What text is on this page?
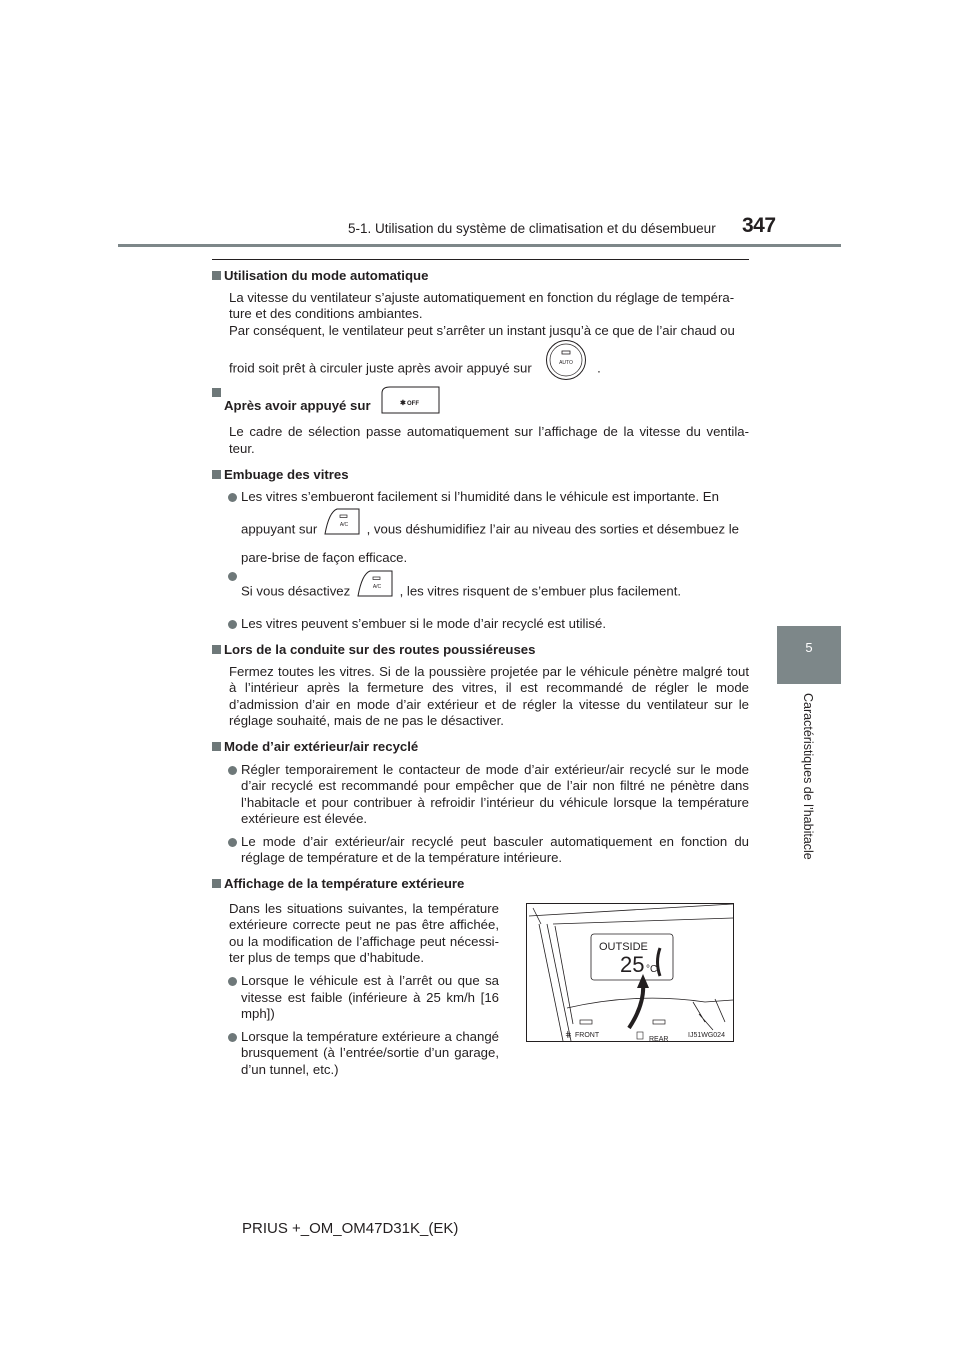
5-1. Utilisation du système de climatisation et du désembueur 347
5
Caractéristiques de l’habitacle
Utilisation du mode automatique
La vitesse du ventilateur s’ajuste automatiquement en fonction du réglage de tempéra-
ture et des conditions ambiantes.
Par conséquent, le ventilateur peut s’arrêter un instant jusqu’à ce que de l’air chaud ou
froid soit prêt à circuler juste après avoir appuyé sur	AUTO .
Après avoir appuyé sur	✱ OFF
Le cadre de sélection passe automatiquement sur l’affichage de la vitesse du ventila-teur.
Embuage des vitres
Les vitres s’embueront facilement si l’humidité dans le véhicule est importante. En
appuyant sur	A/C , vous déshumidifiez l’air au niveau des sorties et désembuez le
pare-brise de façon efficace.
Si vous désactivez	A/C , les vitres risquent de s’embuer plus facilement.
Les vitres peuvent s’embuer si le mode d’air recyclé est utilisé.
Lors de la conduite sur des routes poussiéreuses
Fermez toutes les vitres. Si de la poussière projetée par le véhicule pénètre malgré tout à l’intérieur après la fermeture des vitres, il est recommandé de régler le mode d’admission d’air en mode d’air extérieur et de régler la vitesse du ventilateur sur le réglage souhaité, mais de ne pas le désactiver.
Mode d’air extérieur/air recyclé
Régler temporairement le contacteur de mode d’air extérieur/air recyclé sur le mode d’air recyclé est recommandé pour empêcher que de l’air non filtré ne pénètre dans l’habitacle et pour contribuer à refroidir l’intérieur du véhicule lorsque la température extérieure est élevée.
Le mode d’air extérieur/air recyclé peut basculer automatiquement en fonction du réglage de température et de la température intérieure.
Affichage de la température extérieure
Dans les situations suivantes, la température extérieure correcte peut ne pas être affichée, ou la modification de l’affichage peut nécessi-ter plus de temps que d’habitude.
Lorsque le véhicule est à l’arrêt ou que sa vitesse est faible (inférieure à 25 km/h [16 mph])
Lorsque la température extérieure a changé brusquement (à l’entrée/sortie d’un garage, d’un tunnel, etc.)
OUTSIDE
25 °C
FRONT
REAR
⋕	IJ51WG024
PRIUS +_OM_OM47D31K_(EK)
